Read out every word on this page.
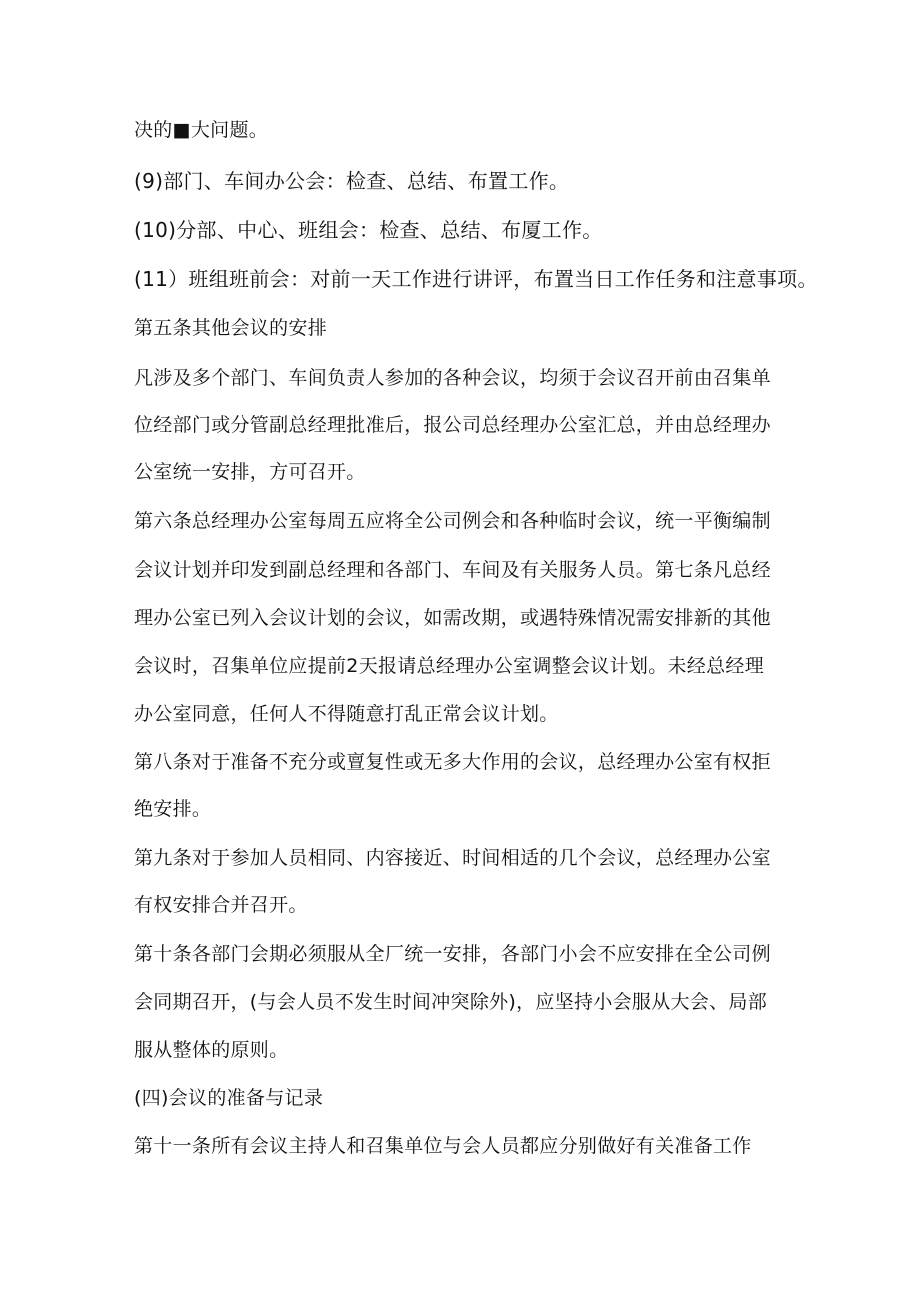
决的■大问题。
(9)部门、车间办公会：检查、总结、布置工作。
(10)分部、中心、班组会：检查、总结、布厦工作。
(11）班组班前会：对前一天工作进行讲评，布置当日工作任务和注意事项。
第五条其他会议的安排
凡涉及多个部门、车间负责人参加的各种会议，均须于会议召开前由召集单
位经部门或分管副总经理批准后，报公司总经理办公室汇总，并由总经理办
公室统一安排，方可召开。
第六条总经理办公室每周五应将全公司例会和各种临时会议，统一平衡编制
会议计划并印发到副总经理和各部门、车间及有关服务人员。第七条凡总经
理办公室已列入会议计划的会议，如需改期，或遇特殊情况需安排新的其他
会议时，召集单位应提前2天报请总经理办公室调整会议计划。未经总经理
办公室同意，任何人不得随意打乱正常会议计划。
第八条对于准备不充分或亶复性或无多大作用的会议，总经理办公室有权拒
绝安排。
第九条对于参加人员相同、内容接近、时间相适的几个会议，总经理办公室
有权安排合并召开。
第十条各部门会期必须服从全厂统一安排，各部门小会不应安排在全公司例
会同期召开，(与会人员不发生时间冲突除外)，应坚持小会服从大会、局部
服从整体的原则。
(四)会议的准备与记录
第十一条所有会议主持人和召集单位与会人员都应分别做好有关准备工作
